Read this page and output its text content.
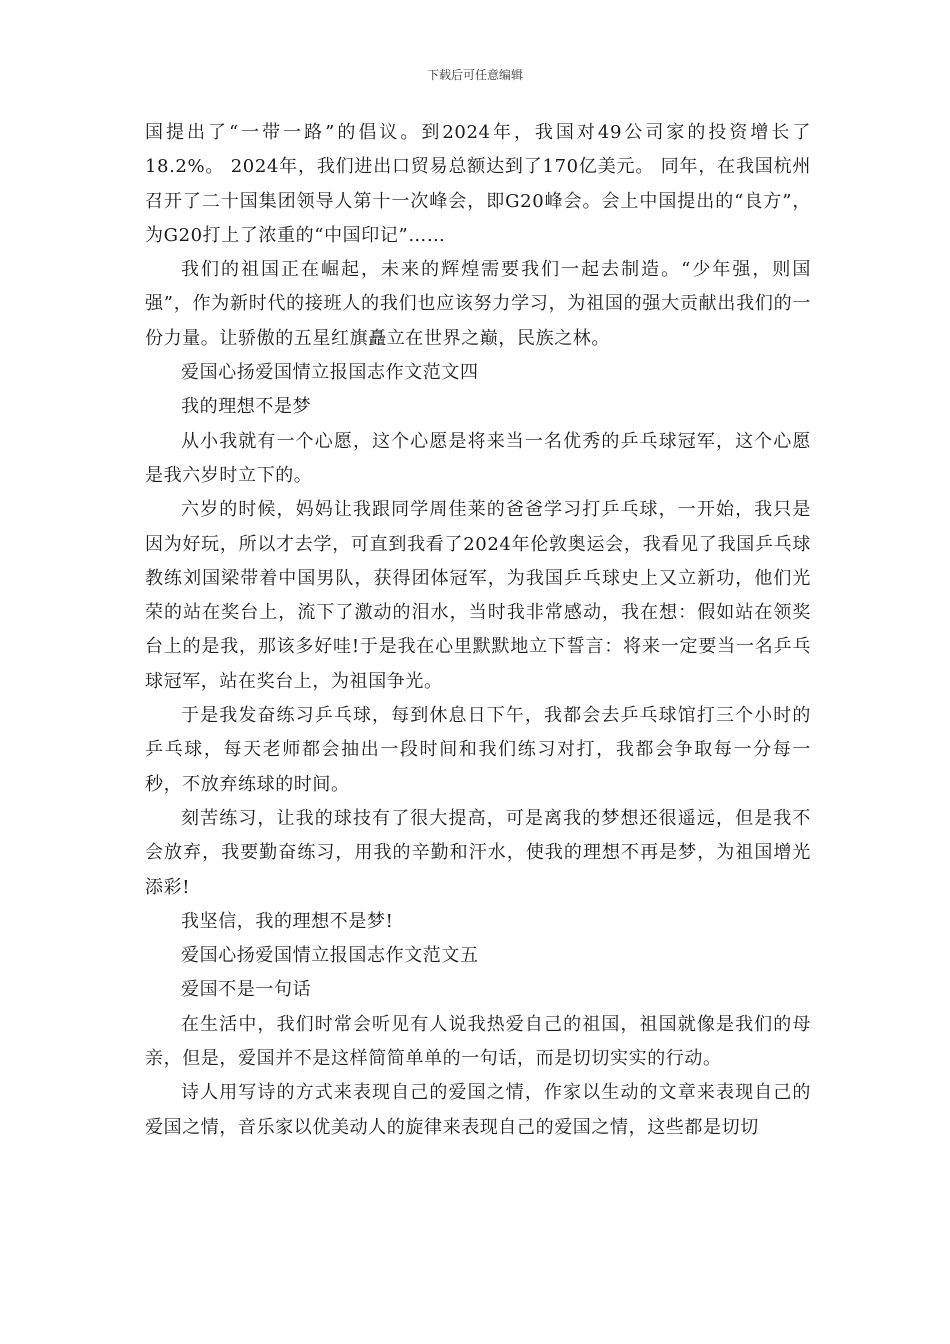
下载后可任意编辑

国提出了“一带一路”的倡议。到2024年，我国对49公司家的投资增长了18.2%。 2024年，我们进出口贸易总额达到了170亿美元。 同年，在我国杭州召开了二十国集团领导人第十一次峰会，即G20峰会。会上中国提出的“良方”，为G20打上了浓重的“中国印记”……

我们的祖国正在崛起，未来的辉煌需要我们一起去制造。“少年强，则国强”，作为新时代的接班人的我们也应该努力学习，为祖国的强大贡献出我们的一份力量。让骄傲的五星红旗矗立在世界之巅，民族之林。

爱国心扬爱国情立报国志作文范文四

我的理想不是梦

从小我就有一个心愿，这个心愿是将来当一名优秀的乒乓球冠军，这个心愿是我六岁时立下的。

六岁的时候，妈妈让我跟同学周佳莱的爸爸学习打乒乓球，一开始，我只是因为好玩，所以才去学，可直到我看了2024年伦敦奥运会，我看见了我国乒乓球教练刘国梁带着中国男队，获得团体冠军，为我国乒乓球史上又立新功，他们光荣的站在奖台上，流下了激动的泪水，当时我非常感动，我在想：假如站在领奖台上的是我，那该多好哇!于是我在心里默默地立下誓言：将来一定要当一名乒乓球冠军，站在奖台上，为祖国争光。

于是我发奋练习乒乓球，每到休息日下午，我都会去乒乓球馆打三个小时的乒乓球，每天老师都会抽出一段时间和我们练习对打，我都会争取每一分每一秒，不放弃练球的时间。

刻苦练习，让我的球技有了很大提高，可是离我的梦想还很遥远，但是我不会放弃，我要勤奋练习，用我的辛勤和汗水，使我的理想不再是梦，为祖国增光添彩!

我坚信，我的理想不是梦!

爱国心扬爱国情立报国志作文范文五

爱国不是一句话

在生活中，我们时常会听见有人说我热爱自己的祖国，祖国就像是我们的母亲，但是，爱国并不是这样简简单单的一句话，而是切切实实的行动。

诗人用写诗的方式来表现自己的爱国之情，作家以生动的文章来表现自己的爱国之情，音乐家以优美动人的旋律来表现自己的爱国之情，这些都是切切
